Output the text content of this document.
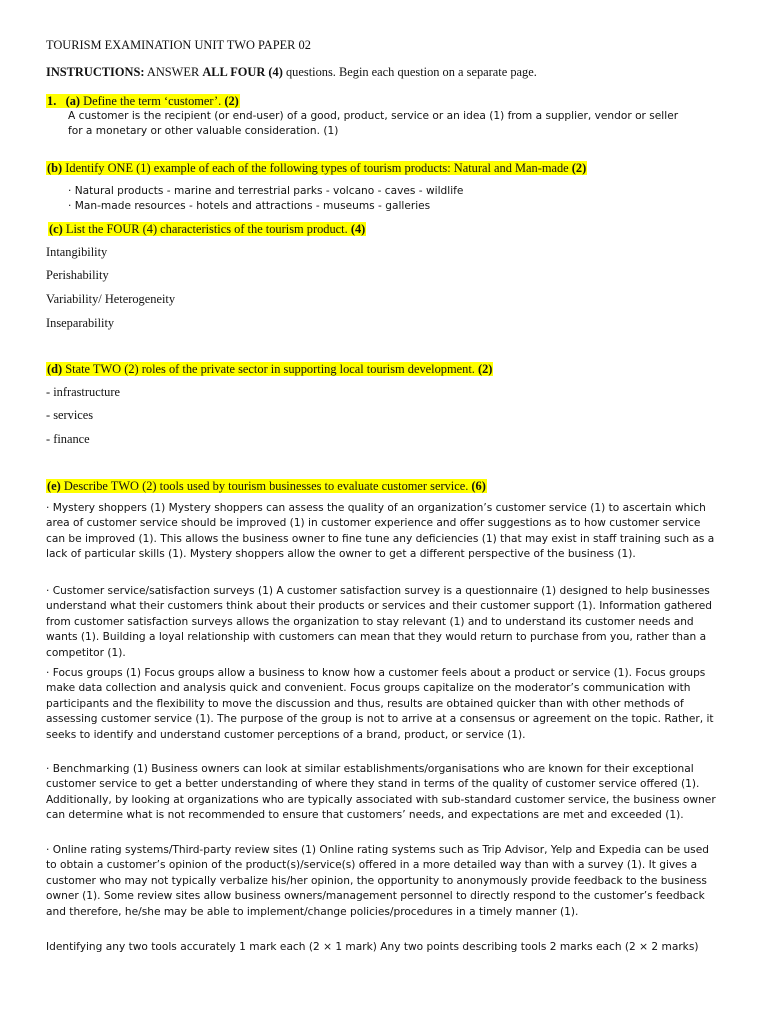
TOURISM EXAMINATION UNIT TWO PAPER 02
INSTRUCTIONS: ANSWER ALL FOUR (4) questions. Begin each question on a separate page.
1. (a) Define the term ‘customer’. (2)
A customer is the recipient (or end-user) of a good, product, service or an idea (1) from a supplier, vendor or seller
for a monetary or other valuable consideration. (1)
(b) Identify ONE (1) example of each of the following types of tourism products: Natural and Man-made (2)
· Natural products - marine and terrestrial parks - volcano - caves - wildlife
· Man-made resources - hotels and attractions - museums - galleries
(c) List the FOUR (4) characteristics of the tourism product. (4)
Intangibility
Perishability
Variability/ Heterogeneity
Inseparability
(d) State TWO (2) roles of the private sector in supporting local tourism development. (2)
- infrastructure
- services
- finance
(e) Describe TWO (2) tools used by tourism businesses to evaluate customer service. (6)

· Mystery shoppers (1) Mystery shoppers can assess the quality of an organization’s customer service (1) to ascertain which area of customer service should be improved (1) in customer experience and offer suggestions as to how customer service can be improved (1). This allows the business owner to fine tune any deficiencies (1) that may exist in staff training such as a lack of particular skills (1). Mystery shoppers allow the owner to get a different perspective of the business (1).

· Customer service/satisfaction surveys (1) A customer satisfaction survey is a questionnaire (1) designed to help businesses understand what their customers think about their products or services and their customer support (1). Information gathered from customer satisfaction surveys allows the organization to stay relevant (1) and to understand its customer needs and wants (1). Building a loyal relationship with customers can mean that they would return to purchase from you, rather than a competitor (1).

· Focus groups (1) Focus groups allow a business to know how a customer feels about a product or service (1). Focus groups make data collection and analysis quick and convenient. Focus groups capitalize on the moderator’s communication with participants and the flexibility to move the discussion and thus, results are obtained quicker than with other methods of assessing customer service (1). The purpose of the group is not to arrive at a consensus or agreement on the topic. Rather, it seeks to identify and understand customer perceptions of a brand, product, or service (1).

· Benchmarking (1) Business owners can look at similar establishments/organisations who are known for their exceptional customer service to get a better understanding of where they stand in terms of the quality of customer service offered (1). Additionally, by looking at organizations who are typically associated with sub-standard customer service, the business owner can determine what is not recommended to ensure that customers’ needs, and expectations are met and exceeded (1).

· Online rating systems/Third-party review sites (1) Online rating systems such as Trip Advisor, Yelp and Expedia can be used to obtain a customer’s opinion of the product(s)/service(s) offered in a more detailed way than with a survey (1). It gives a customer who may not typically verbalize his/her opinion, the opportunity to anonymously provide feedback to the business owner (1). Some review sites allow business owners/management personnel to directly respond to the customer’s feedback and therefore, he/she may be able to implement/change policies/procedures in a timely manner (1).

Identifying any two tools accurately 1 mark each (2 × 1 mark) Any two points describing tools 2 marks each (2 × 2 marks)
